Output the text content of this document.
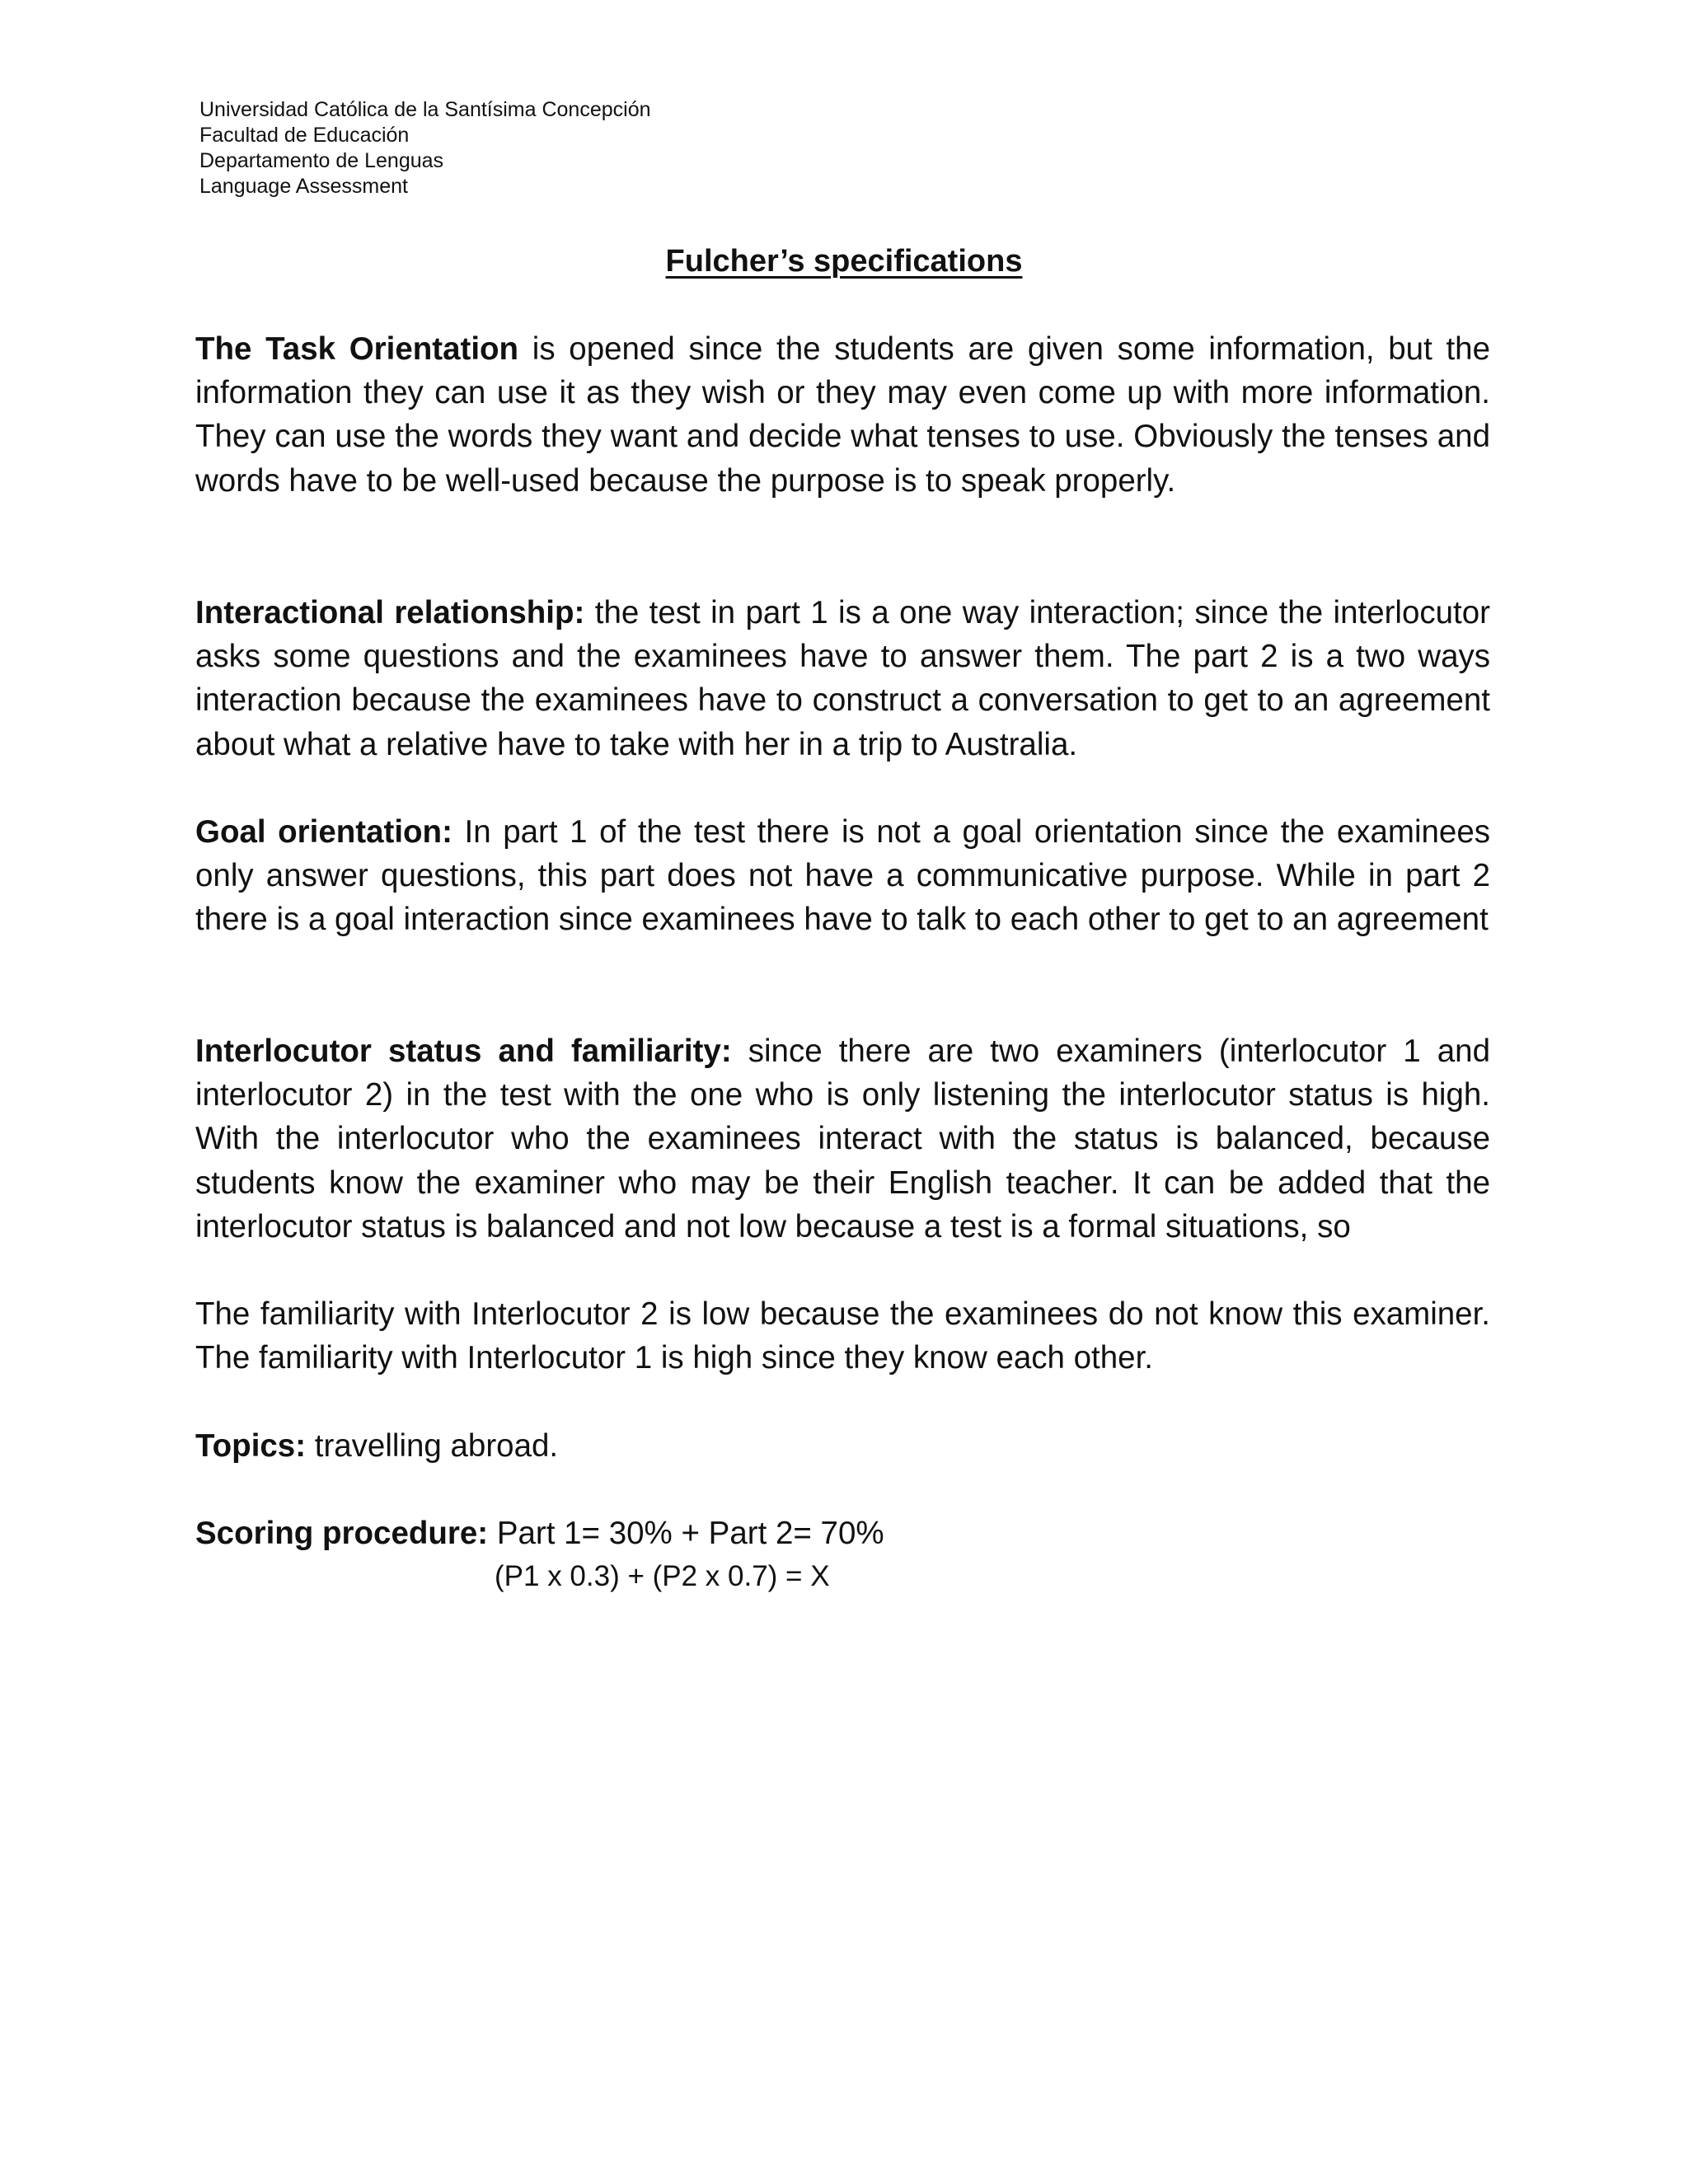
Universidad Católica de la Santísima Concepción
Facultad de Educación
Departamento de Lenguas
Language Assessment
Fulcher’s specifications

The Task Orientation is opened since the students are given some information, but the information they can use it as they wish or they may even come up with more information. They can use the words they want and decide what tenses to use. Obviously the tenses and words have to be well-used because the purpose is to speak properly.

Interactional relationship: the test in part 1 is a one way interaction; since the interlocutor asks some questions and the examinees have to answer them. The part 2 is a two ways interaction because the examinees have to construct a conversation to get to an agreement about what a relative have to take with her in a trip to Australia.

Goal orientation: In part 1 of the test there is not a goal orientation since the examinees only answer questions, this part does not have a communicative purpose. While in part 2 there is a goal interaction since examinees have to talk to each other to get to an agreement

Interlocutor status and familiarity: since there are two examiners (interlocutor 1 and interlocutor 2) in the test with the one who is only listening the interlocutor status is high. With the interlocutor who the examinees interact with the status is balanced, because students know the examiner who may be their English teacher. It can be added that the interlocutor status is balanced and not low because a test is a formal situations, so

The familiarity with Interlocutor 2 is low because the examinees do not know this examiner. The familiarity with Interlocutor 1 is high since they know each other.

Topics: travelling abroad.

Scoring procedure: Part 1= 30% + Part 2= 70%

(P1 x 0.3) + (P2 x 0.7) = X
